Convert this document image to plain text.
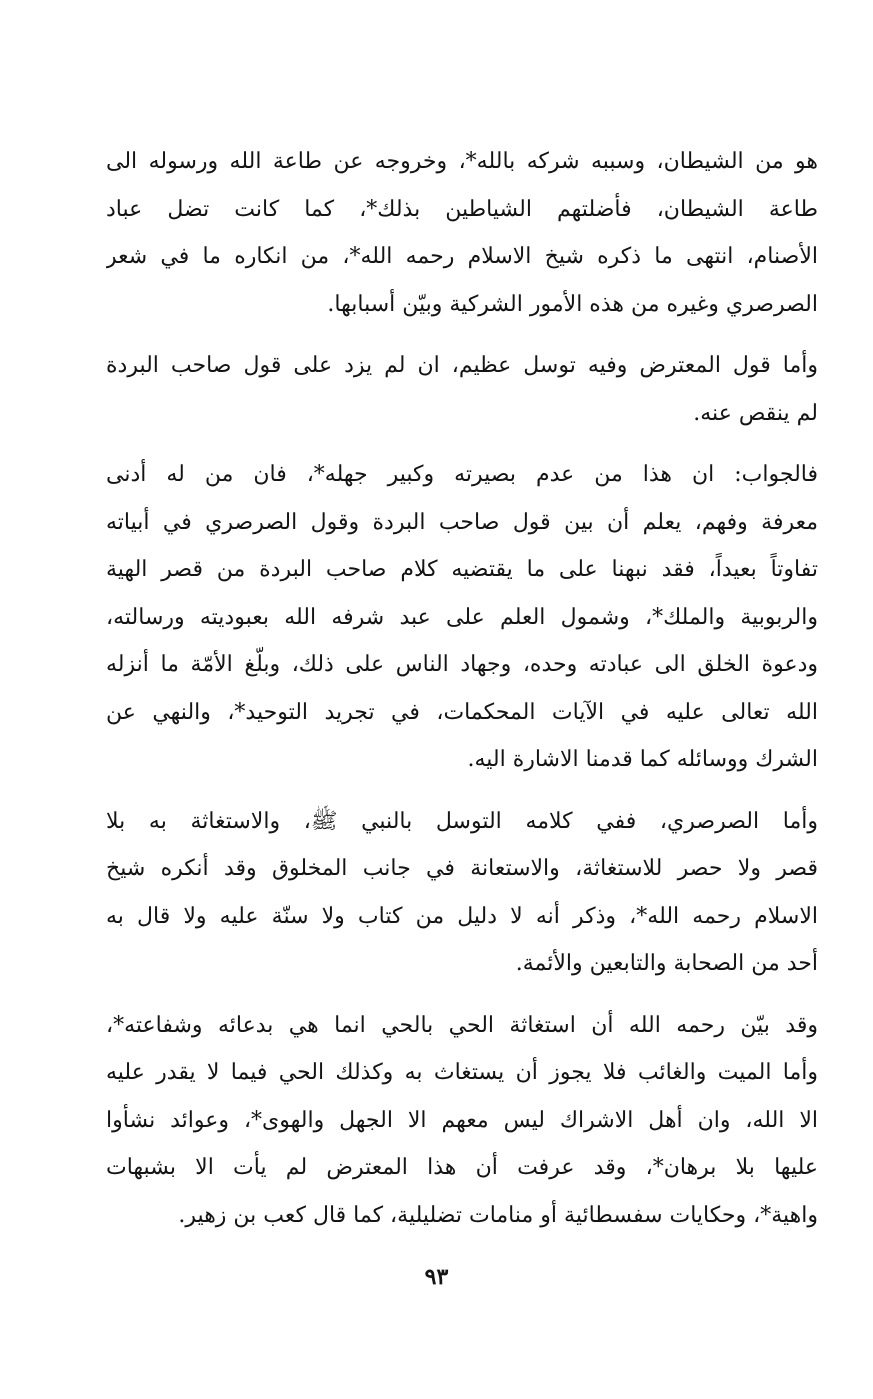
هو من الشيطان، وسببه شركه بالله*، وخروجه عن طاعة الله ورسوله الى
طاعة الشيطان، فأضلتهم الشياطين بذلك*، كما كانت تضل عباد
الأصنام، انتهى ما ذكره شيخ الاسلام رحمه الله*، من انكاره ما في شعر
الصرصري وغيره من هذه الأمور الشركية وبيّن أسبابها.

وأما قول المعترض وفيه توسل عظيم، ان لم يزد على قول صاحب البردة
لم ينقص عنه.

فالجواب: ان هذا من عدم بصيرته وكبير جهله*، فان من له أدنى
معرفة وفهم، يعلم أن بين قول صاحب البردة وقول الصرصري في أبياته
تفاوتاً بعيداً، فقد نبهنا على ما يقتضيه كلام صاحب البردة من قصر الهية
والربوبية والملك*، وشمول العلم على عبد شرفه الله بعبوديته ورسالته،
ودعوة الخلق الى عبادته وحده، وجهاد الناس على ذلك، وبلّغ الأمّة ما أنزله
الله تعالى عليه في الآيات المحكمات، في تجريد التوحيد*، والنهي عن
الشرك ووسائله كما قدمنا الاشارة اليه.

وأما الصرصري، ففي كلامه التوسل بالنبي ﷺ، والاستغاثة به بلا
قصر ولا حصر للاستغاثة، والاستعانة في جانب المخلوق وقد أنكره شيخ
الاسلام رحمه الله*، وذكر أنه لا دليل من كتاب ولا سنّة عليه ولا قال به
أحد من الصحابة والتابعين والأئمة.

وقد بيّن رحمه الله أن استغاثة الحي بالحي انما هي بدعائه وشفاعته*،
وأما الميت والغائب فلا يجوز أن يستغاث به وكذلك الحي فيما لا يقدر عليه
الا الله، وان أهل الاشراك ليس معهم الا الجهل والهوى*، وعوائد نشأوا
عليها بلا برهان*، وقد عرفت أن هذا المعترض لم يأت الا بشبهات
واهية*، وحكايات سفسطائية أو منامات تضليلية، كما قال كعب بن زهير.

٩٣
